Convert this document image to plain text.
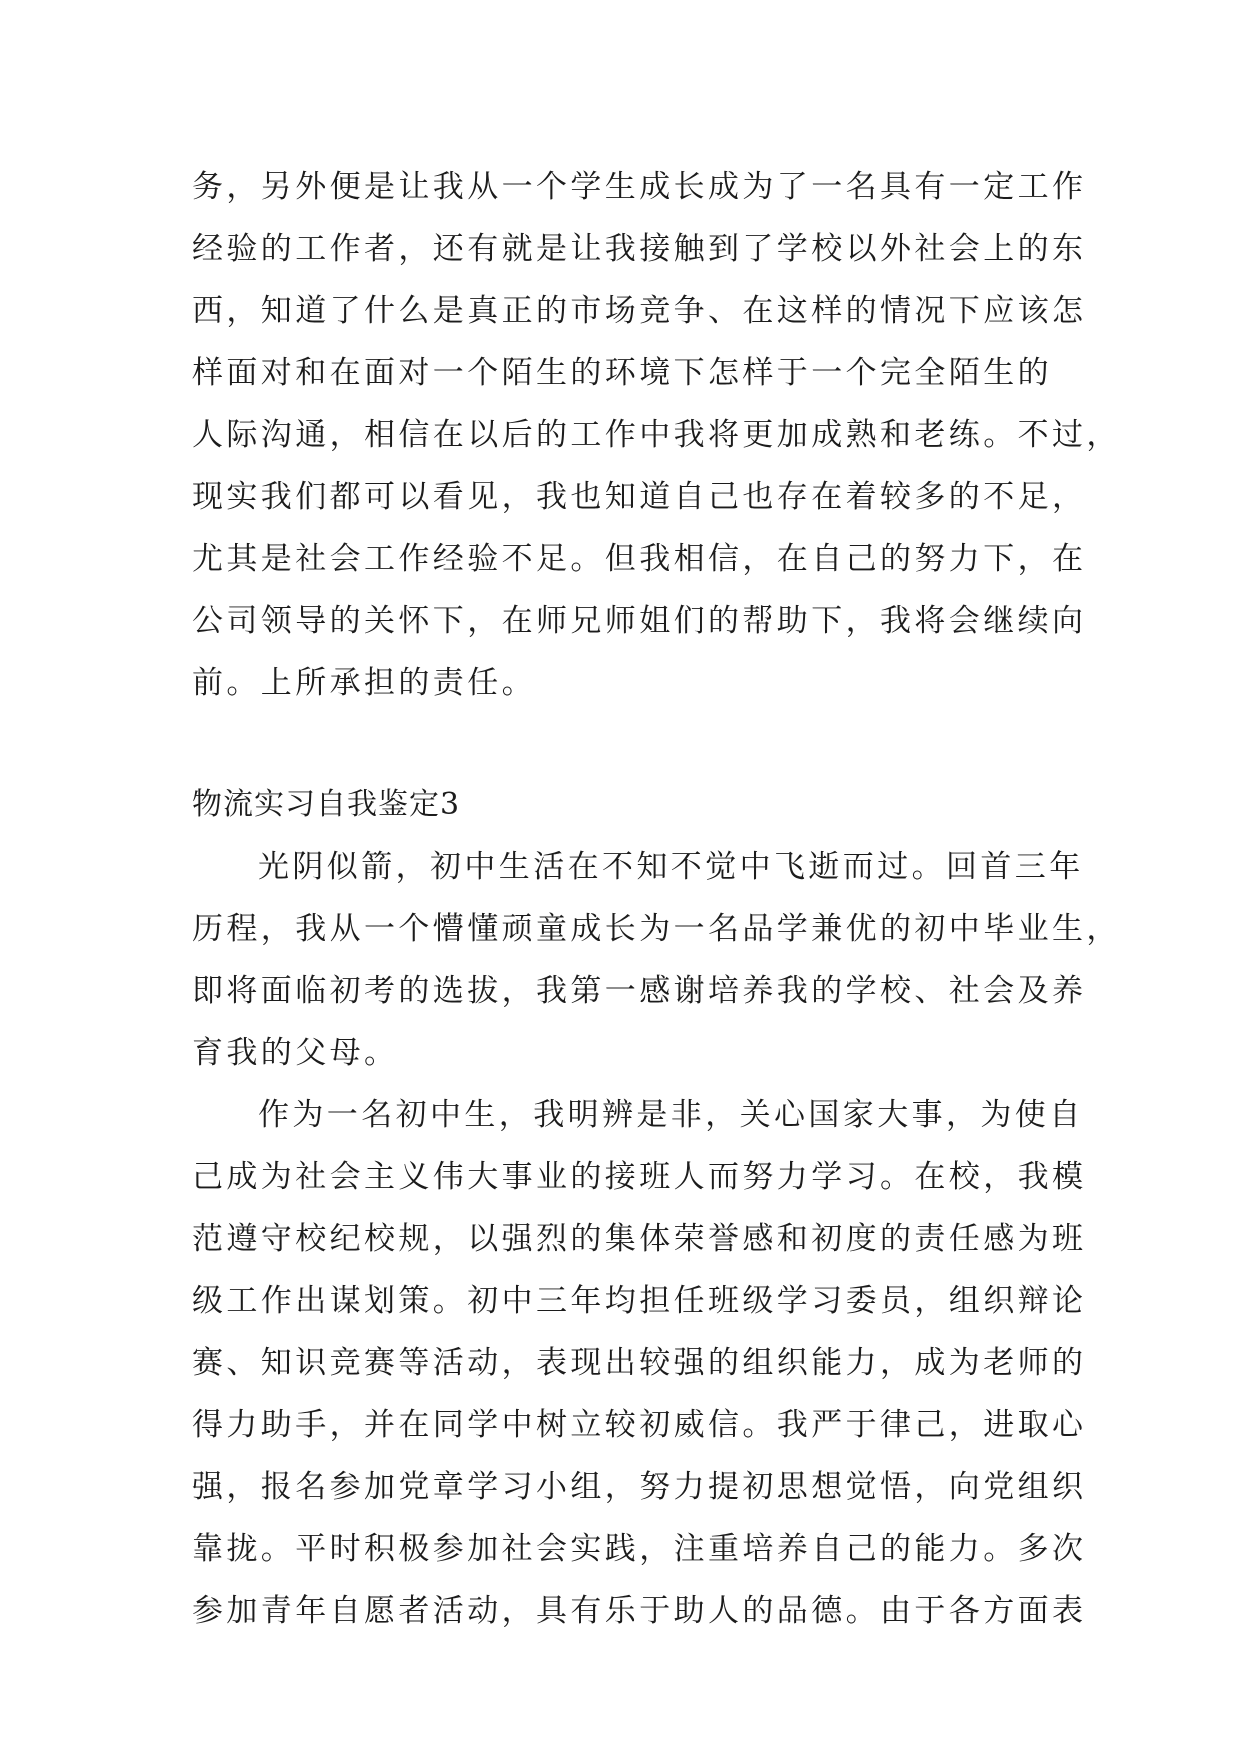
务，另外便是让我从一个学生成长成为了一名具有一定工作
经验的工作者，还有就是让我接触到了学校以外社会上的东
西，知道了什么是真正的市场竞争、在这样的情况下应该怎
样面对和在面对一个陌生的环境下怎样于一个完全陌生的
人际沟通，相信在以后的工作中我将更加成熟和老练。不过，
现实我们都可以看见，我也知道自己也存在着较多的不足，
尤其是社会工作经验不足。但我相信，在自己的努力下，在
公司领导的关怀下，在师兄师姐们的帮助下，我将会继续向
前。上所承担的责任。
物流实习自我鉴定3
光阴似箭，初中生活在不知不觉中飞逝而过。回首三年
历程，我从一个懵懂顽童成长为一名品学兼优的初中毕业生，
即将面临初考的选拔，我第一感谢培养我的学校、社会及养
育我的父母。
作为一名初中生，我明辨是非，关心国家大事，为使自
己成为社会主义伟大事业的接班人而努力学习。在校，我模
范遵守校纪校规，以强烈的集体荣誉感和初度的责任感为班
级工作出谋划策。初中三年均担任班级学习委员，组织辩论
赛、知识竞赛等活动，表现出较强的组织能力，成为老师的
得力助手，并在同学中树立较初威信。我严于律己，进取心
强，报名参加党章学习小组，努力提初思想觉悟，向党组织
靠拢。平时积极参加社会实践，注重培养自己的能力。多次
参加青年自愿者活动，具有乐于助人的品德。由于各方面表
